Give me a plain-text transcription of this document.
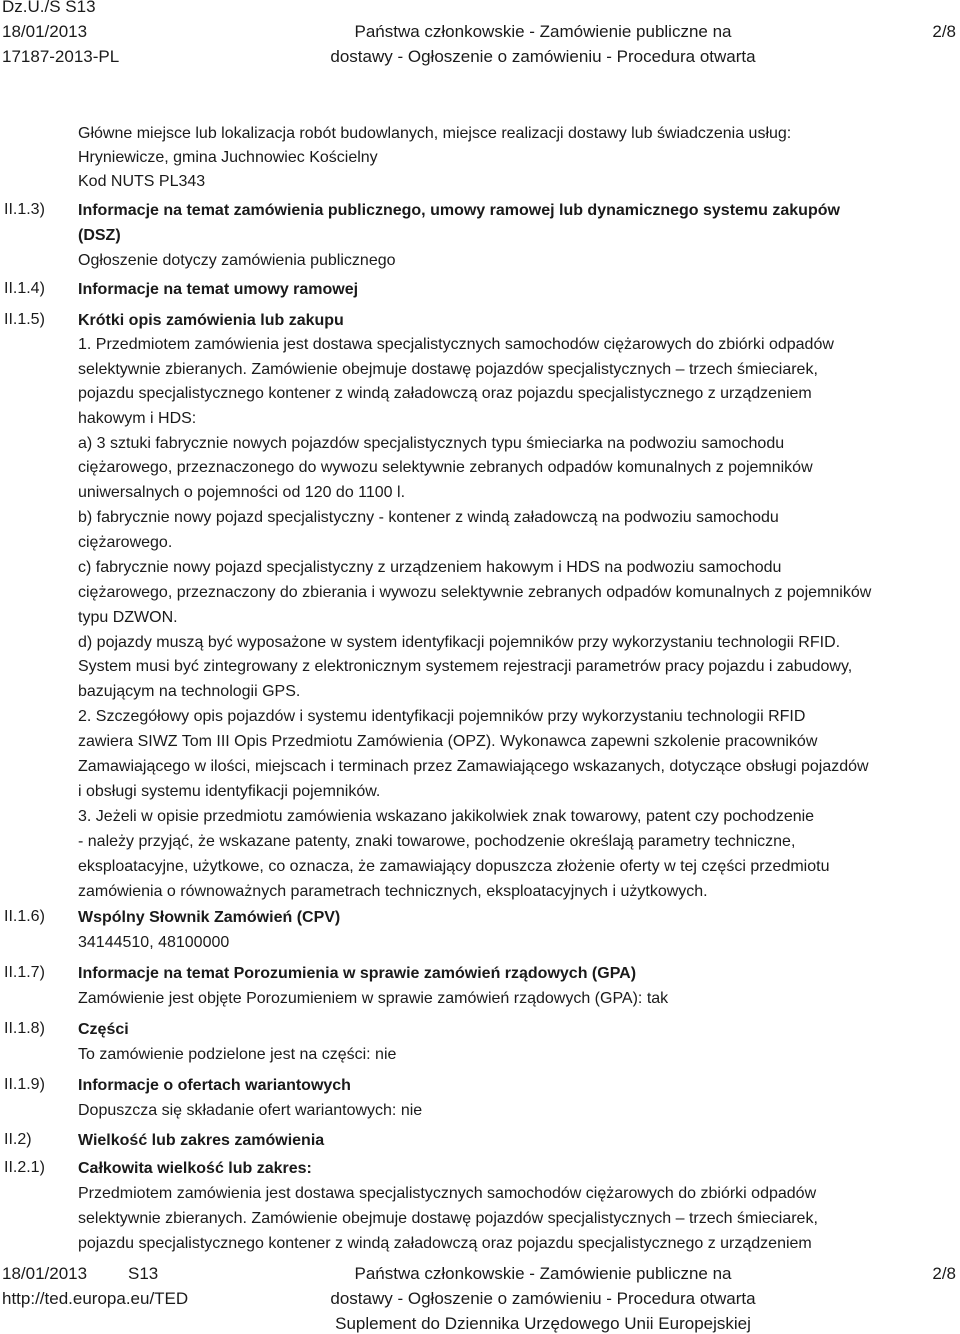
Dz.U./S S13
18/01/2013
17187-2013-PL
Państwa członkowskie - Zamówienie publiczne na
dostawy - Ogłoszenie o zamówieniu - Procedura otwarta
2/8
II.1.3)
II.1.4)
II.1.5)
II.1.6)
II.1.7)
II.1.8)
II.1.9)
II.2)
II.2.1)
Główne miejsce lub lokalizacja robót budowlanych, miejsce realizacji dostawy lub świadczenia usług:
Hryniewicze, gmina Juchnowiec Kościelny
Kod NUTS PL343
Informacje na temat zamówienia publicznego, umowy ramowej lub dynamicznego systemu zakupów
(DSZ)
Ogłoszenie dotyczy zamówienia publicznego
Informacje na temat umowy ramowej
Krótki opis zamówienia lub zakupu
1. Przedmiotem zamówienia jest dostawa specjalistycznych samochodów ciężarowych do zbiórki odpadów
selektywnie zbieranych. Zamówienie obejmuje dostawę pojazdów specjalistycznych – trzech śmieciarek,
pojazdu specjalistycznego kontener z windą załadowczą oraz pojazdu specjalistycznego z urządzeniem
hakowym i HDS:
a) 3 sztuki fabrycznie nowych pojazdów specjalistycznych typu śmieciarka na podwoziu samochodu
ciężarowego, przeznaczonego do wywozu selektywnie zebranych odpadów komunalnych z pojemników
uniwersalnych o pojemności od 120 do 1100 l.
b) fabrycznie nowy pojazd specjalistyczny - kontener z windą załadowczą na podwoziu samochodu
ciężarowego.
c) fabrycznie nowy pojazd specjalistyczny z urządzeniem hakowym i HDS na podwoziu samochodu
ciężarowego, przeznaczony do zbierania i wywozu selektywnie zebranych odpadów komunalnych z pojemników
typu DZWON.
d) pojazdy muszą być wyposażone w system identyfikacji pojemników przy wykorzystaniu technologii RFID.
System musi być zintegrowany z elektronicznym systemem rejestracji parametrów pracy pojazdu i zabudowy,
bazującym na technologii GPS.
2. Szczegółowy opis pojazdów i systemu identyfikacji pojemników przy wykorzystaniu technologii RFID
zawiera SIWZ Tom III Opis Przedmiotu Zamówienia (OPZ). Wykonawca zapewni szkolenie pracowników
Zamawiającego w ilości, miejscach i terminach przez Zamawiającego wskazanych, dotyczące obsługi pojazdów
i obsługi systemu identyfikacji pojemników.
3. Jeżeli w opisie przedmiotu zamówienia wskazano jakikolwiek znak towarowy, patent czy pochodzenie
- należy przyjąć, że wskazane patenty, znaki towarowe, pochodzenie określają parametry techniczne,
eksploatacyjne, użytkowe, co oznacza, że zamawiający dopuszcza złożenie oferty w tej części przedmiotu
zamówienia o równoważnych parametrach technicznych, eksploatacyjnych i użytkowych.
Wspólny Słownik Zamówień (CPV)
34144510, 48100000
Informacje na temat Porozumienia w sprawie zamówień rządowych (GPA)
Zamówienie jest objęte Porozumieniem w sprawie zamówień rządowych (GPA): tak
Części
To zamówienie podzielone jest na części: nie
Informacje o ofertach wariantowych
Dopuszcza się składanie ofert wariantowych: nie
Wielkość lub zakres zamówienia
Całkowita wielkość lub zakres:
Przedmiotem zamówienia jest dostawa specjalistycznych samochodów ciężarowych do zbiórki odpadów
selektywnie zbieranych. Zamówienie obejmuje dostawę pojazdów specjalistycznych – trzech śmieciarek,
pojazdu specjalistycznego kontener z windą załadowczą oraz pojazdu specjalistycznego z urządzeniem
18/01/2013 S13
http://ted.europa.eu/TED
Państwa członkowskie - Zamówienie publiczne na
dostawy - Ogłoszenie o zamówieniu - Procedura otwarta
Suplement do Dziennika Urzędowego Unii Europejskiej
2/8
